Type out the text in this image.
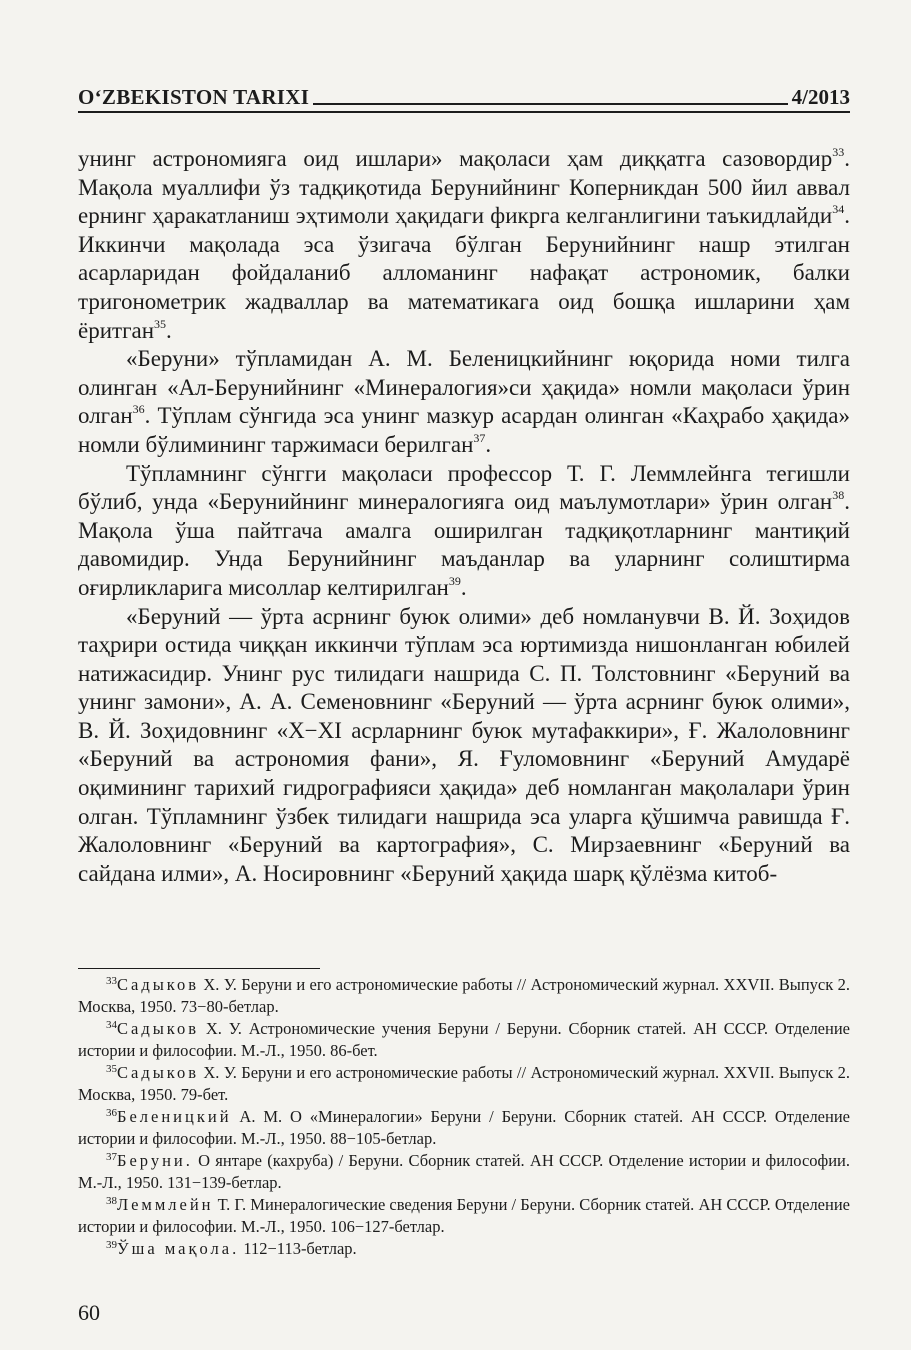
O‘ZBEKISTON TARIXI	4/2013

унинг астрономияга оид ишлари» мақоласи ҳам диққатга сазовордир$^{33}$. Мақола муаллифи ўз тадқиқотида Берунийнинг Коперникдан 500 йил аввал ернинг ҳаракатланиш эҳтимоли ҳақидаги фикрга келганлигини таъкидлайди$^{34}$. Иккинчи мақолада эса ўзигача бўлган Берунийнинг нашр этилган асарларидан фойдаланиб алломанинг нафақат астрономик, балки тригонометрик жадваллар ва математикага оид бошқа ишларини ҳам ёритган$^{35}$.

«Беруни» тўпламидан А. М. Беленицкийнинг юқорида номи тилга олинган «Ал-Берунийнинг «Минералогия»си ҳақида» номли мақоласи ўрин олган$^{36}$. Тўплам сўнгида эса унинг мазкур асардан олинган «Каҳрабо ҳақида» номли бўлимининг таржимаси берилган$^{37}$.

Тўпламнинг сўнгги мақоласи профессор Т. Г. Леммлейнга тегишли бўлиб, унда «Берунийнинг минералогияга оид маълумотлари» ўрин олган$^{38}$. Мақола ўша пайтгача амалга оширилган тадқиқотларнинг мантиқий давомидир. Унда Берунийнинг маъданлар ва уларнинг солиштирма оғирликларига мисоллар келтирилган$^{39}$.

«Беруний — ўрта асрнинг буюк олими» деб номланувчи В. Й. Зоҳидов таҳрири остида чиққан иккинчи тўплам эса юртимизда нишонланган юбилей натижасидир. Унинг рус тилидаги нашрида С. П. Толстовнинг «Беруний ва унинг замони», А. А. Семеновнинг «Беруний — ўрта асрнинг буюк олими», В. Й. Зоҳидовнинг «X−XI асрларнинг буюк мутафаккири», Ғ. Жалоловнинг «Беруний ва астрономия фани», Я. Ғуломовнинг «Беруний Амударё оқимининг тарихий гидрографияси ҳақида» деб номланган мақолалари ўрин олган. Тўпламнинг ўзбек тилидаги нашрида эса уларга қўшимча равишда Ғ. Жалоловнинг «Беруний ва картография», С. Мирзаевнинг «Беруний ва сайдана илми», А. Носировнинг «Беруний ҳақида шарқ қўлёзма китоб-

$^{33}$Садыков Х. У. Беруни и его астрономические работы // Астрономический журнал. XXVII. Выпуск 2. Москва, 1950. 73−80-бетлар.

$^{34}$Садыков Х. У. Астрономические учения Беруни / Беруни. Сборник статей. АН СССР. Отделение истории и философии. М.-Л., 1950. 86-бет.

$^{35}$Садыков Х. У. Беруни и его астрономические работы // Астрономический журнал. XXVII. Выпуск 2. Москва, 1950. 79-бет.

$^{36}$Беленицкий А. М. О «Минералогии» Беруни / Беруни. Сборник статей. АН СССР. Отделение истории и философии. М.-Л., 1950. 88−105-бетлар.

$^{37}$Беруни. О янтаре (кахруба) / Беруни. Сборник статей. АН СССР. Отделение истории и философии. М.-Л., 1950. 131−139-бетлар.

$^{38}$Леммлейн Т. Г. Минералогические сведения Беруни / Беруни. Сборник статей. АН СССР. Отделение истории и философии. М.-Л., 1950. 106−127-бетлар.

$^{39}$Ўша мақола. 112−113-бетлар.

60
